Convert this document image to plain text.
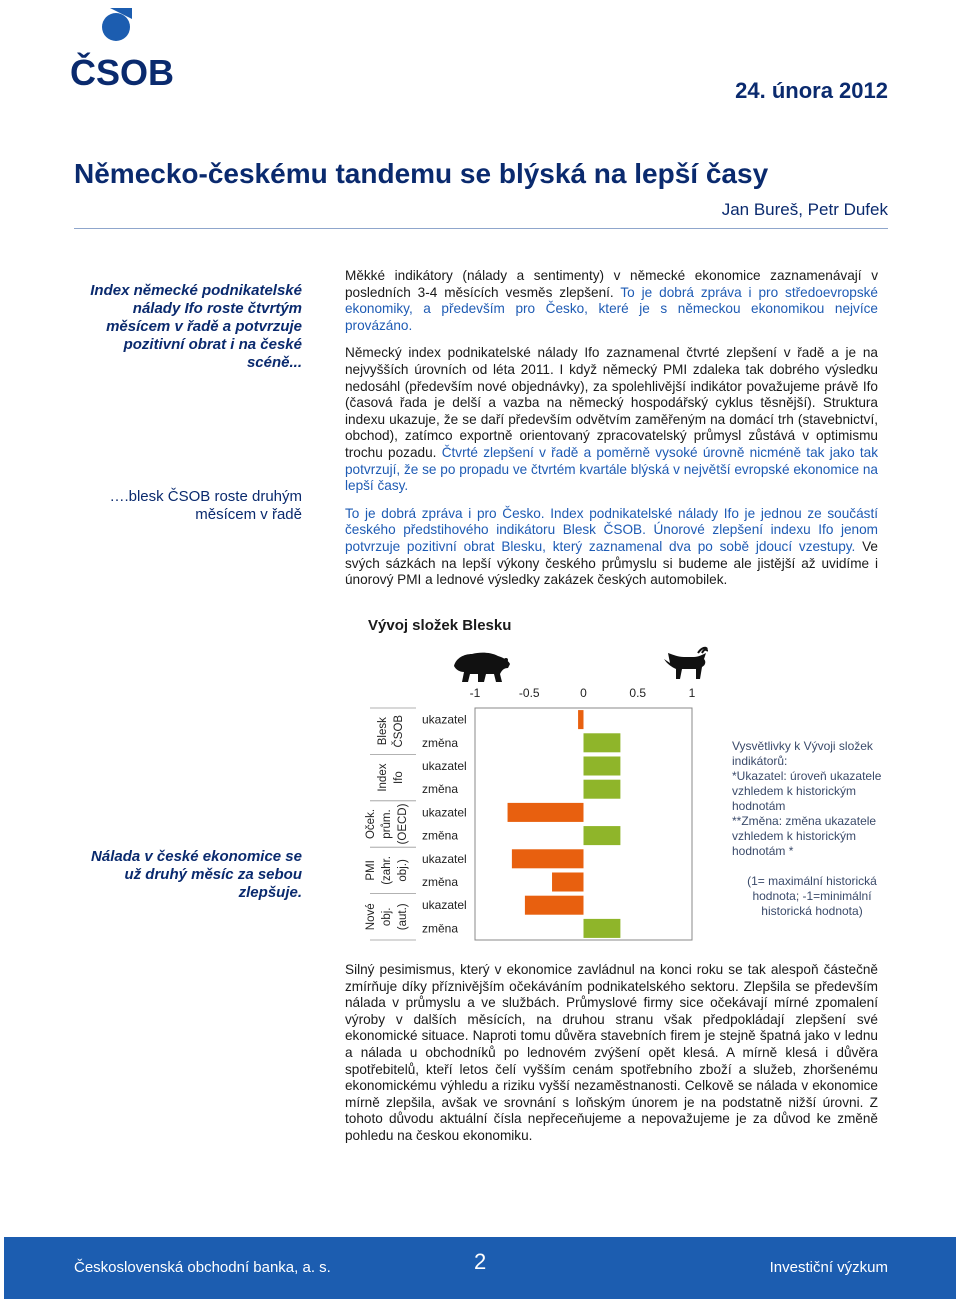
ČSOB	24. února 2012
Německo-českému tandemu se blýská na lepší časy
Jan Bureš, Petr Dufek
Index německé podnikatelské nálady Ifo roste čtvrtým měsícem v řadě a potvrzuje pozitivní obrat i na české scéně...
….blesk ČSOB roste druhým měsícem v řadě
Nálada v české ekonomice se už druhý měsíc za sebou zlepšuje.

Měkké indikátory (nálady a sentimenty) v německé ekonomice zaznamenávají v posledních 3-4 měsících vesměs zlepšení. To je dobrá zpráva i pro středoevropské ekonomiky, a především pro Česko, které je s německou ekonomikou nejvíce provázáno.

Německý index podnikatelské nálady Ifo zaznamenal čtvrté zlepšení v řadě a je na nejvyšších úrovních od léta 2011. I když německý PMI zdaleka tak dobrého výsledku nedosáhl (především nové objednávky), za spolehlivější indikátor považujeme právě Ifo (časová řada je delší a vazba na německý hospodářský cyklus těsnější). Struktura indexu ukazuje, že se daří především odvětvím zaměřeným na domácí trh (stavebnictví, obchod), zatímco exportně orientovaný zpracovatelský průmysl zůstává v optimismu trochu pozadu. Čtvrté zlepšení v řadě a poměrně vysoké úrovně nicméně tak jako tak potvrzují, že se po propadu ve čtvrtém kvartále blýská v největší evropské ekonomice na lepší časy.

To je dobrá zpráva i pro Česko. Index podnikatelské nálady Ifo je jednou ze součástí českého předstihového indikátoru Blesk ČSOB. Únorové zlepšení indexu Ifo jenom potvrzuje pozitivní obrat Blesku, který zaznamenal dva po sobě jdoucí vzestupy. Ve svých sázkách na lepší výkony českého průmyslu si budeme ale jistější až uvidíme i únorový PMI a lednové výsledky zakázek českých automobilek.

Vývoj složek Blesku
-1	-0.5	0	0.5	1
Blesk ČSOB
Index Ifo
Oček. prům. (OECD)
PMI (zahr. obj.)
Nové obj. (aut.)
ukazatel
změna
ukazatel
změna
ukazatel
změna
ukazatel
změna
ukazatel
změna
Vysvětlivky k Vývoji složek indikátorů:
*Ukazatel: úroveň ukazatele vzhledem k historickým hodnotám
**Změna: změna ukazatele vzhledem k historickým hodnotám *
(1= maximální historická hodnota; -1=minimální historická hodnota)

Silný pesimismus, který v ekonomice zavládnul na konci roku se tak alespoň částečně zmírňuje díky příznivějším očekáváním podnikatelského sektoru. Zlepšila se především nálada v průmyslu a ve službách. Průmyslové firmy sice očekávají mírné zpomalení výroby v dalších měsících, na druhou stranu však předpokládají zlepšení své ekonomické situace. Naproti tomu důvěra stavebních firem je stejně špatná jako v lednu a nálada u obchodníků po lednovém zvýšení opět klesá. A mírně klesá i důvěra spotřebitelů, kteří letos čelí vyšším cenám spotřebního zboží a služeb, zhoršenému ekonomickému výhledu a riziku vyšší nezaměstnanosti. Celkově se nálada v ekonomice mírně zlepšila, avšak ve srovnání s loňským únorem je na podstatně nižší úrovni. Z tohoto důvodu aktuální čísla nepřeceňujeme a nepovažujeme je za důvod ke změně pohledu na českou ekonomiku.

Československá obchodní banka, a. s.	2	Investiční výzkum
